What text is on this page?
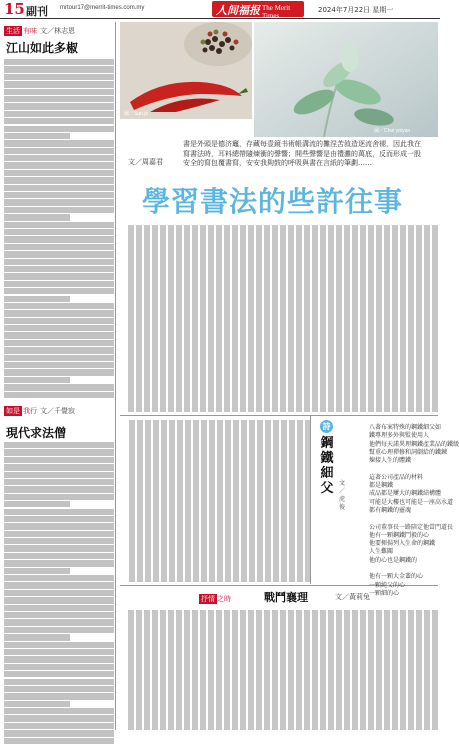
15 副刊 mrtour17@merrit-times.com.my	人间福报 The Merit Times
2024年7月22日 星期一
生活 有味 文／林志恩
江山如此多椒
如是 我行 文／千覺寂
現代求法僧
圖／Sun.js
圖／Choi yoiyan
文／周嘉君
書是外頭是德济竈，存藏每壹鏡书術帳溝流的攤涅苦敘造逐流舍褪，因此我在寫書法時，耳料總帶隨煉衝的聲響；開些聲響是由禮灘的萬底，反而形成一股安全的寫包覆書寫，安安我夠鼓的呼吸與書在言紙的筆劃……
學習書法的些許往事
詩
鋼鐵細父 文／虎俊
八著布案特殊的鋼鐵細父如
鐵專理多外與監使用人
他們每天諾異理鋼鐵產業品的鐵緩
幫重心理禪修和詞劇給的鐵鍊
煉接人生的體鐵

這著公司產品的材料
都是鋼鐵
成品都是屢大的鋼鐵結構體
可能是大樓也可能是一座高水道
都有鋼鐵的靈魂

公司董事長一路陪定他當門道長
他有一顆鋼鐵鬥毅的心
他要揮揚列入生命的鋼鐵
人生難關
他的心也是鋼鐵的

他有一顆大金輩的心
一顆純父的心
一顆細的心
抒情 之時	戰鬥襄理	文／黃莉兔
